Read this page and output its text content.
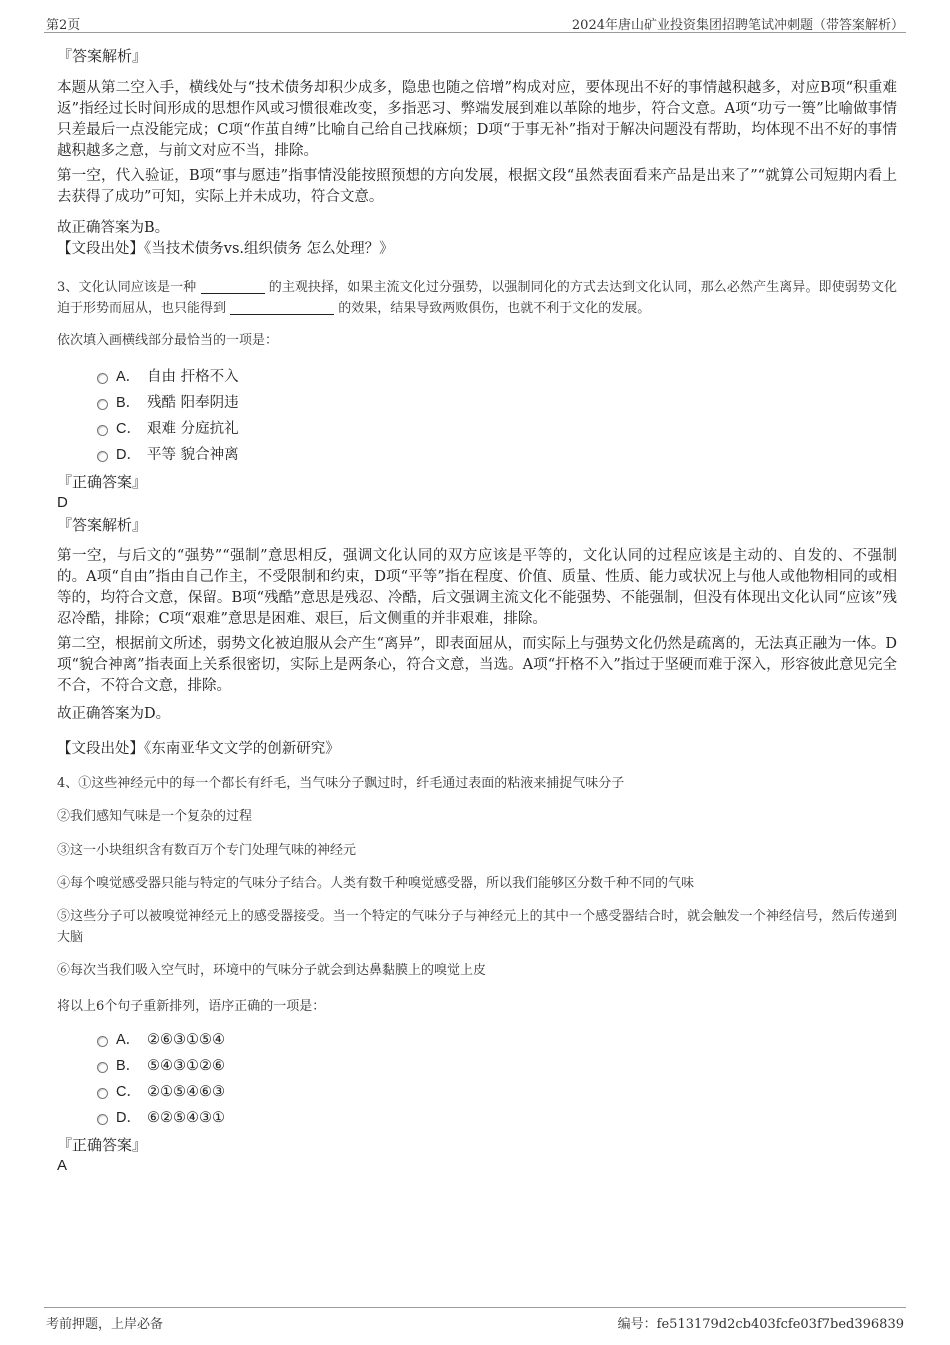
第2页	2024年唐山矿业投资集团招聘笔试冲刺题（带答案解析）

『答案解析』

本题从第二空入手，横线处与“技术债务却积少成多，隐患也随之倍增”构成对应，要体现出不好的事情越积越多，对应B项“积重难返”指经过长时间形成的思想作风或习惯很难改变，多指恶习、弊端发展到难以革除的地步，符合文意。A项“功亏一篑”比喻做事情只差最后一点没能完成；C项“作茧自缚”比喻自己给自己找麻烦；D项“于事无补”指对于解决问题没有帮助，均体现不出不好的事情越积越多之意，与前文对应不当，排除。

第一空，代入验证，B项“事与愿违”指事情没能按照预想的方向发展，根据文段“虽然表面看来产品是出来了”“就算公司短期内看上去获得了成功”可知，实际上并未成功，符合文意。

故正确答案为B。

【文段出处】《当技术债务vs.组织债务 怎么处理？》

3、文化认同应该是一种	的主观抉择，如果主流文化过分强势，以强制同化的方式去达到文化认同，那么必然产生离异。即使弱势文化迫于形势而屈从，也只能得到	的效果，结果导致两败俱伤，也就不利于文化的发展。

依次填入画横线部分最恰当的一项是：

A． 自由 扞格不入
B． 残酷 阳奉阴违
C． 艰难 分庭抗礼
D． 平等 貌合神离

『正确答案』

D

『答案解析』

第一空，与后文的“强势”“强制”意思相反，强调文化认同的双方应该是平等的，文化认同的过程应该是主动的、自发的、不强制的。A项“自由”指由自己作主，不受限制和约束，D项“平等”指在程度、价值、质量、性质、能力或状况上与他人或他物相同的或相等的，均符合文意，保留。B项“残酷”意思是残忍、冷酷，后文强调主流文化不能强势、不能强制，但没有体现出文化认同“应该”残忍冷酷，排除；C项“艰难”意思是困难、艰巨，后文侧重的并非艰难，排除。

第二空，根据前文所述，弱势文化被迫服从会产生“离异”，即表面屈从，而实际上与强势文化仍然是疏离的，无法真正融为一体。D项“貌合神离”指表面上关系很密切，实际上是两条心，符合文意，当选。A项“扞格不入”指过于坚硬而难于深入，形容彼此意见完全不合，不符合文意，排除。

故正确答案为D。

【文段出处】《东南亚华文文学的创新研究》

4、①这些神经元中的每一个都长有纤毛，当气味分子飘过时，纤毛通过表面的粘液来捕捉气味分子

②我们感知气味是一个复杂的过程

③这一小块组织含有数百万个专门处理气味的神经元

④每个嗅觉感受器只能与特定的气味分子结合。人类有数千种嗅觉感受器，所以我们能够区分数千种不同的气味

⑤这些分子可以被嗅觉神经元上的感受器接受。当一个特定的气味分子与神经元上的其中一个感受器结合时，就会触发一个神经信号，然后传递到大脑

⑥每次当我们吸入空气时，环境中的气味分子就会到达鼻黏膜上的嗅觉上皮

将以上6个句子重新排列，语序正确的一项是：

A． ②⑥③①⑤④
B． ⑤④③①②⑥
C． ②①⑤④⑥③
D． ⑥②⑤④③①

『正确答案』

A

考前押题，上岸必备	编号：fe513179d2cb403fcfe03f7bed396839
